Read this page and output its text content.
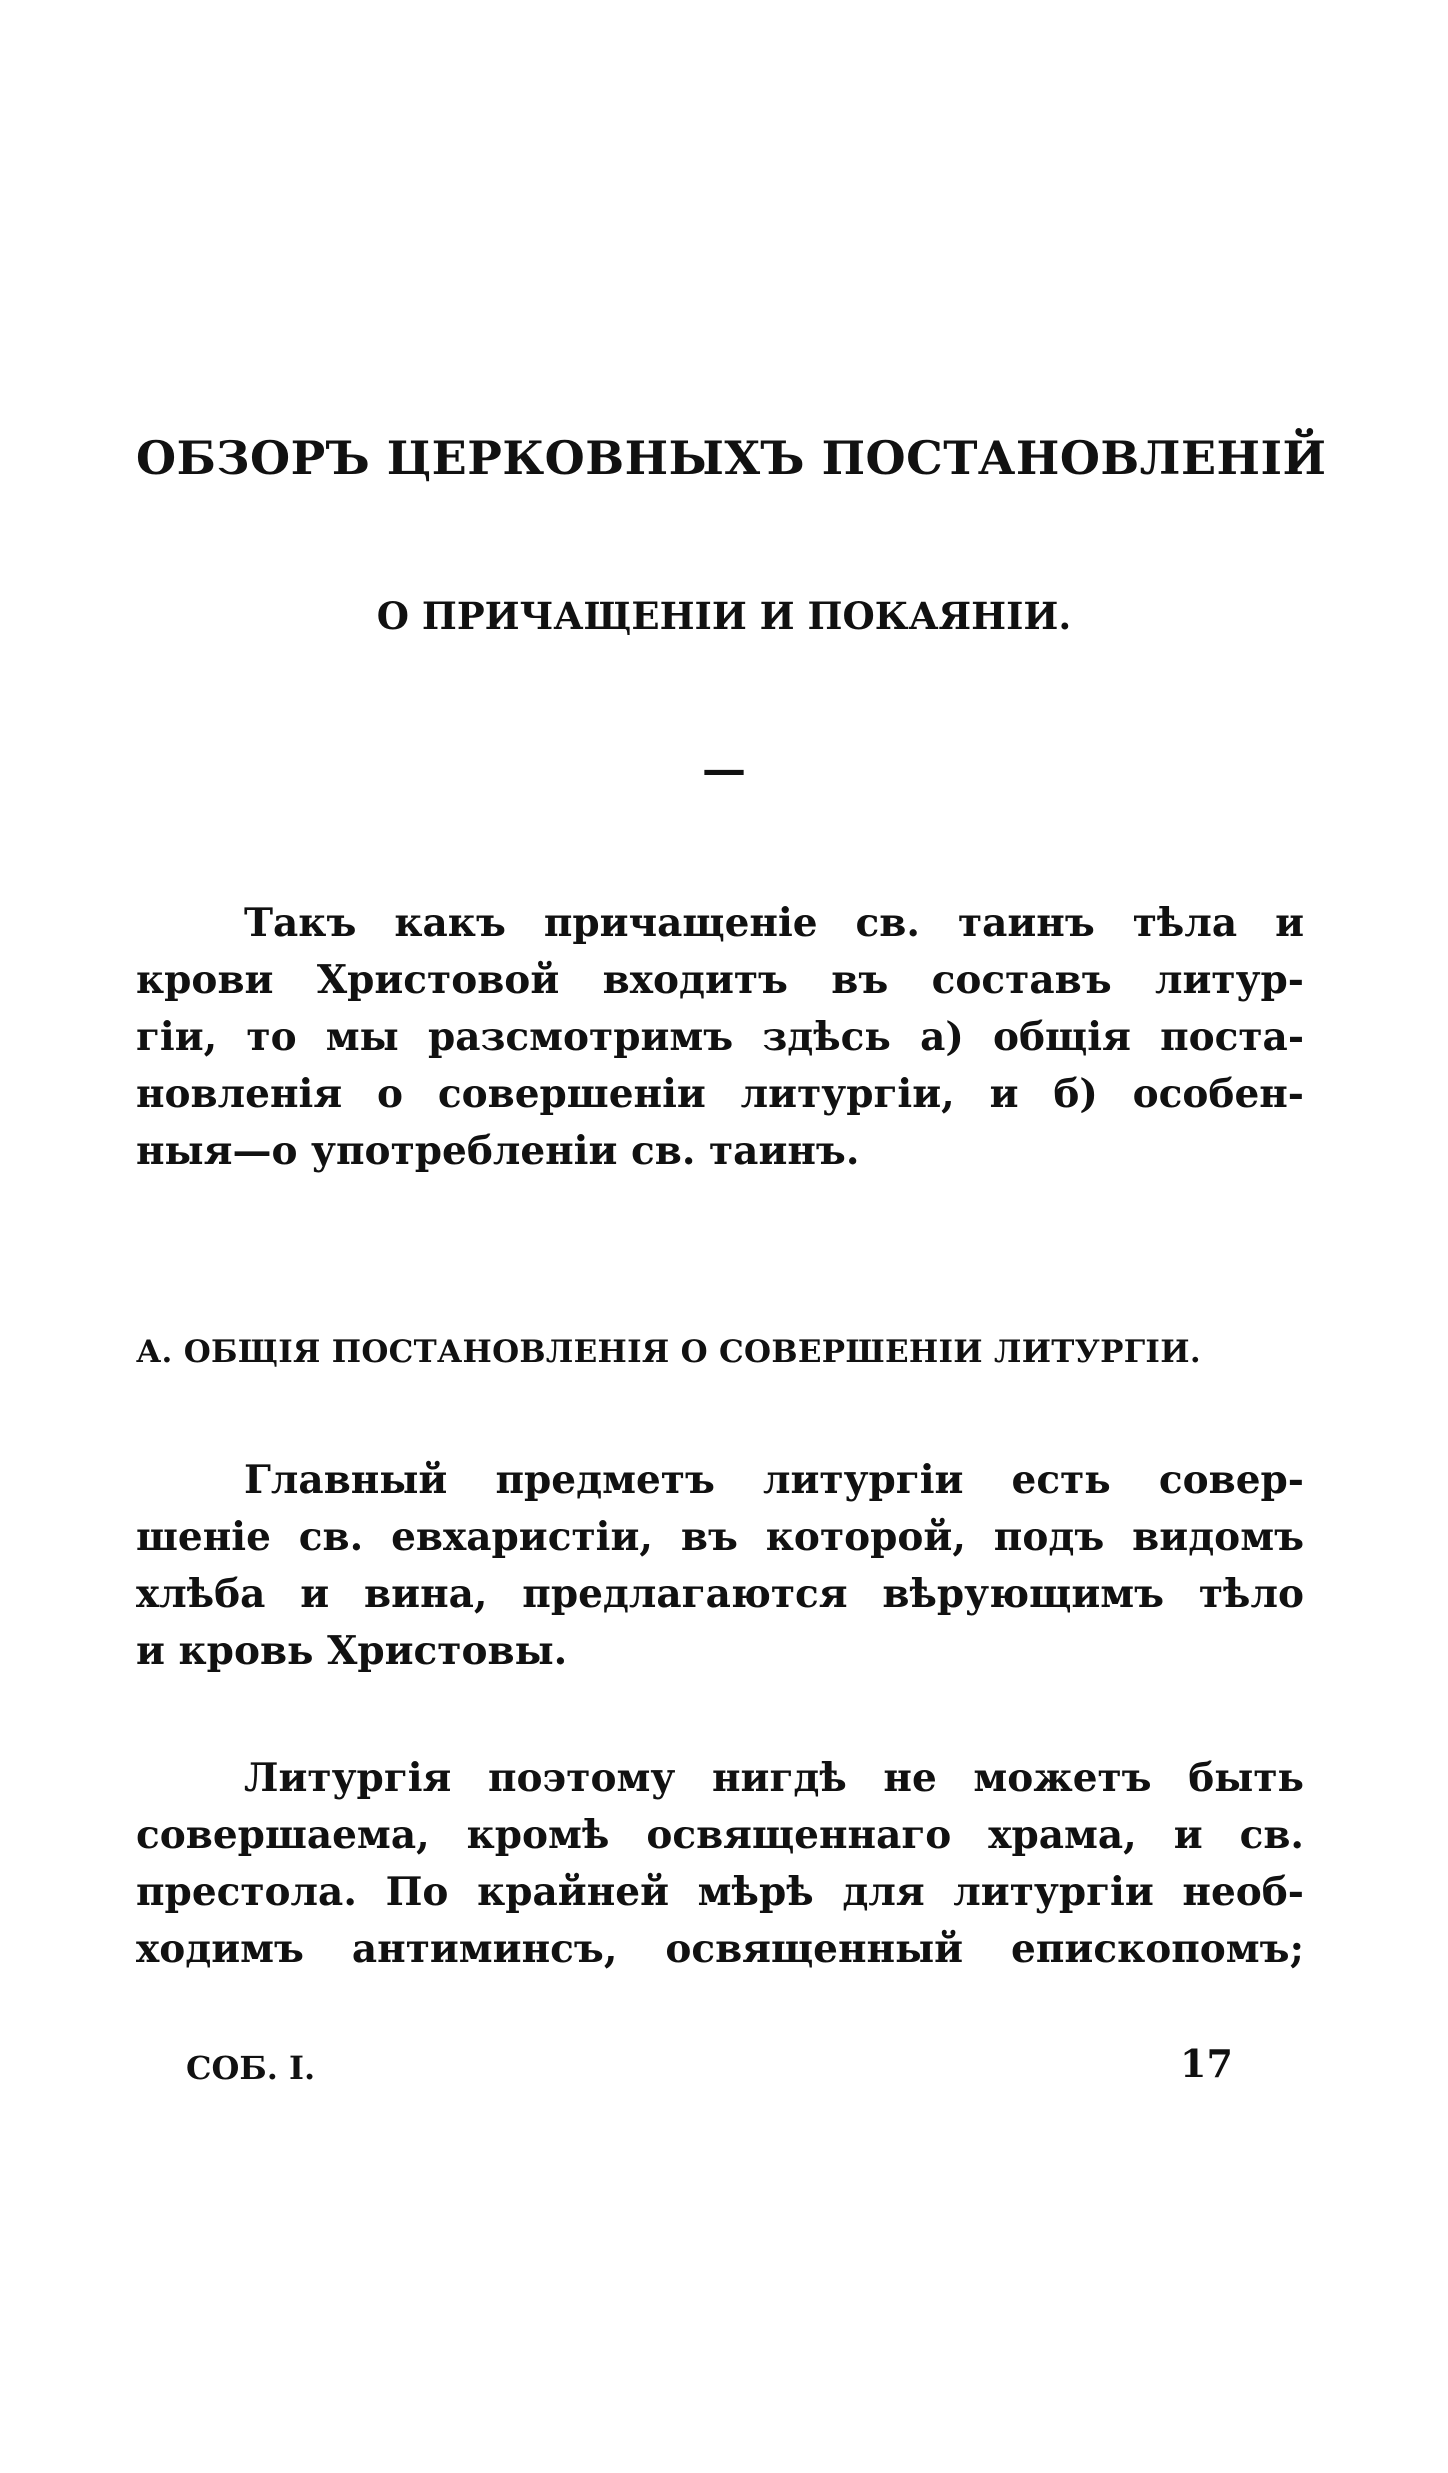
ОБЗОРЪ ЦЕРКОВНЫХЪ ПОСТАНОВЛЕНІЙ
О ПРИЧАЩЕНІИ И ПОКАЯНІИ.
—
Такъ какъ причащеніе св. таинъ тѣла и
крови Христовой входитъ въ составъ литур-
гіи, то мы разсмотримъ здѣсь а) общія поста-
новленія о совершеніи литургіи, и б) особен-
ныя—о употребленіи св. таинъ.
А. ОБЩІЯ ПОСТАНОВЛЕНІЯ О СОВЕРШЕНІИ ЛИТУРГІИ.
Главный предметъ литургіи есть совер-
шеніе св. евхаристіи, въ которой, подъ видомъ
хлѣба и вина, предлагаются вѣрующимъ тѣло
и кровь Христовы.
Литургія поэтому нигдѣ не можетъ быть
совершаема, кромѣ освященнаго храма, и св.
престола. По крайней мѣрѣ для литургіи необ-
ходимъ антиминсъ, освященный епископомъ;
СОБ. I.	17
